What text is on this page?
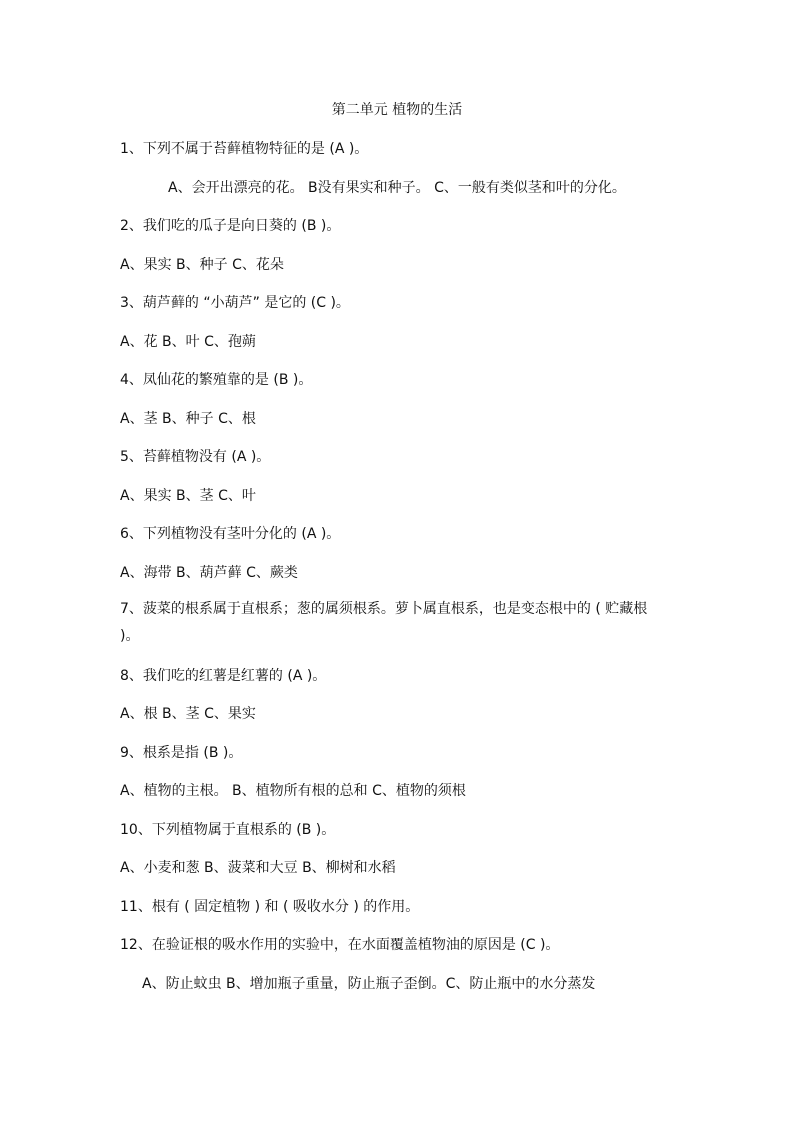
第二单元 植物的生活
1、下列不属于苔藓植物特征的是 (A )。
A、会开出漂亮的花。 B没有果实和种子。 C、一般有类似茎和叶的分化。
2、我们吃的瓜子是向日葵的 (B )。
A、果实 B、种子 C、花朵
3、葫芦藓的 “小葫芦” 是它的 (C )。
A、花 B、叶 C、孢蒴
4、凤仙花的繁殖靠的是 (B )。
A、茎 B、种子 C、根
5、苔藓植物没有 (A )。
A、果实 B、茎 C、叶
6、下列植物没有茎叶分化的 (A )。
A、海带 B、葫芦藓 C、蕨类
7、菠菜的根系属于直根系；葱的属须根系。萝卜属直根系，也是变态根中的 ( 贮藏根 )。
8、我们吃的红薯是红薯的 (A )。
A、根 B、茎 C、果实
9、根系是指 (B )。
A、植物的主根。 B、植物所有根的总和 C、植物的须根
10、下列植物属于直根系的 (B )。
A、小麦和葱 B、菠菜和大豆 B、柳树和水稻
11、根有 ( 固定植物 ) 和 ( 吸收水分 ) 的作用。
12、在验证根的吸水作用的实验中，在水面覆盖植物油的原因是 (C )。
A、防止蚊虫 B、增加瓶子重量，防止瓶子歪倒。C、防止瓶中的水分蒸发
